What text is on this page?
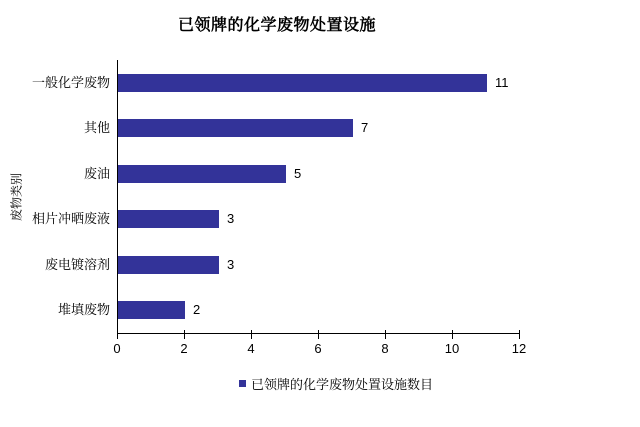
已领牌的化学废物处置设施
废物类别
已领牌的化学废物处置设施数目
11
一般化学废物
7
其他
5
废油
3
相片冲晒废液
3
废电镀溶剂
2
堆填废物
0	2	4	6	8	10	12
